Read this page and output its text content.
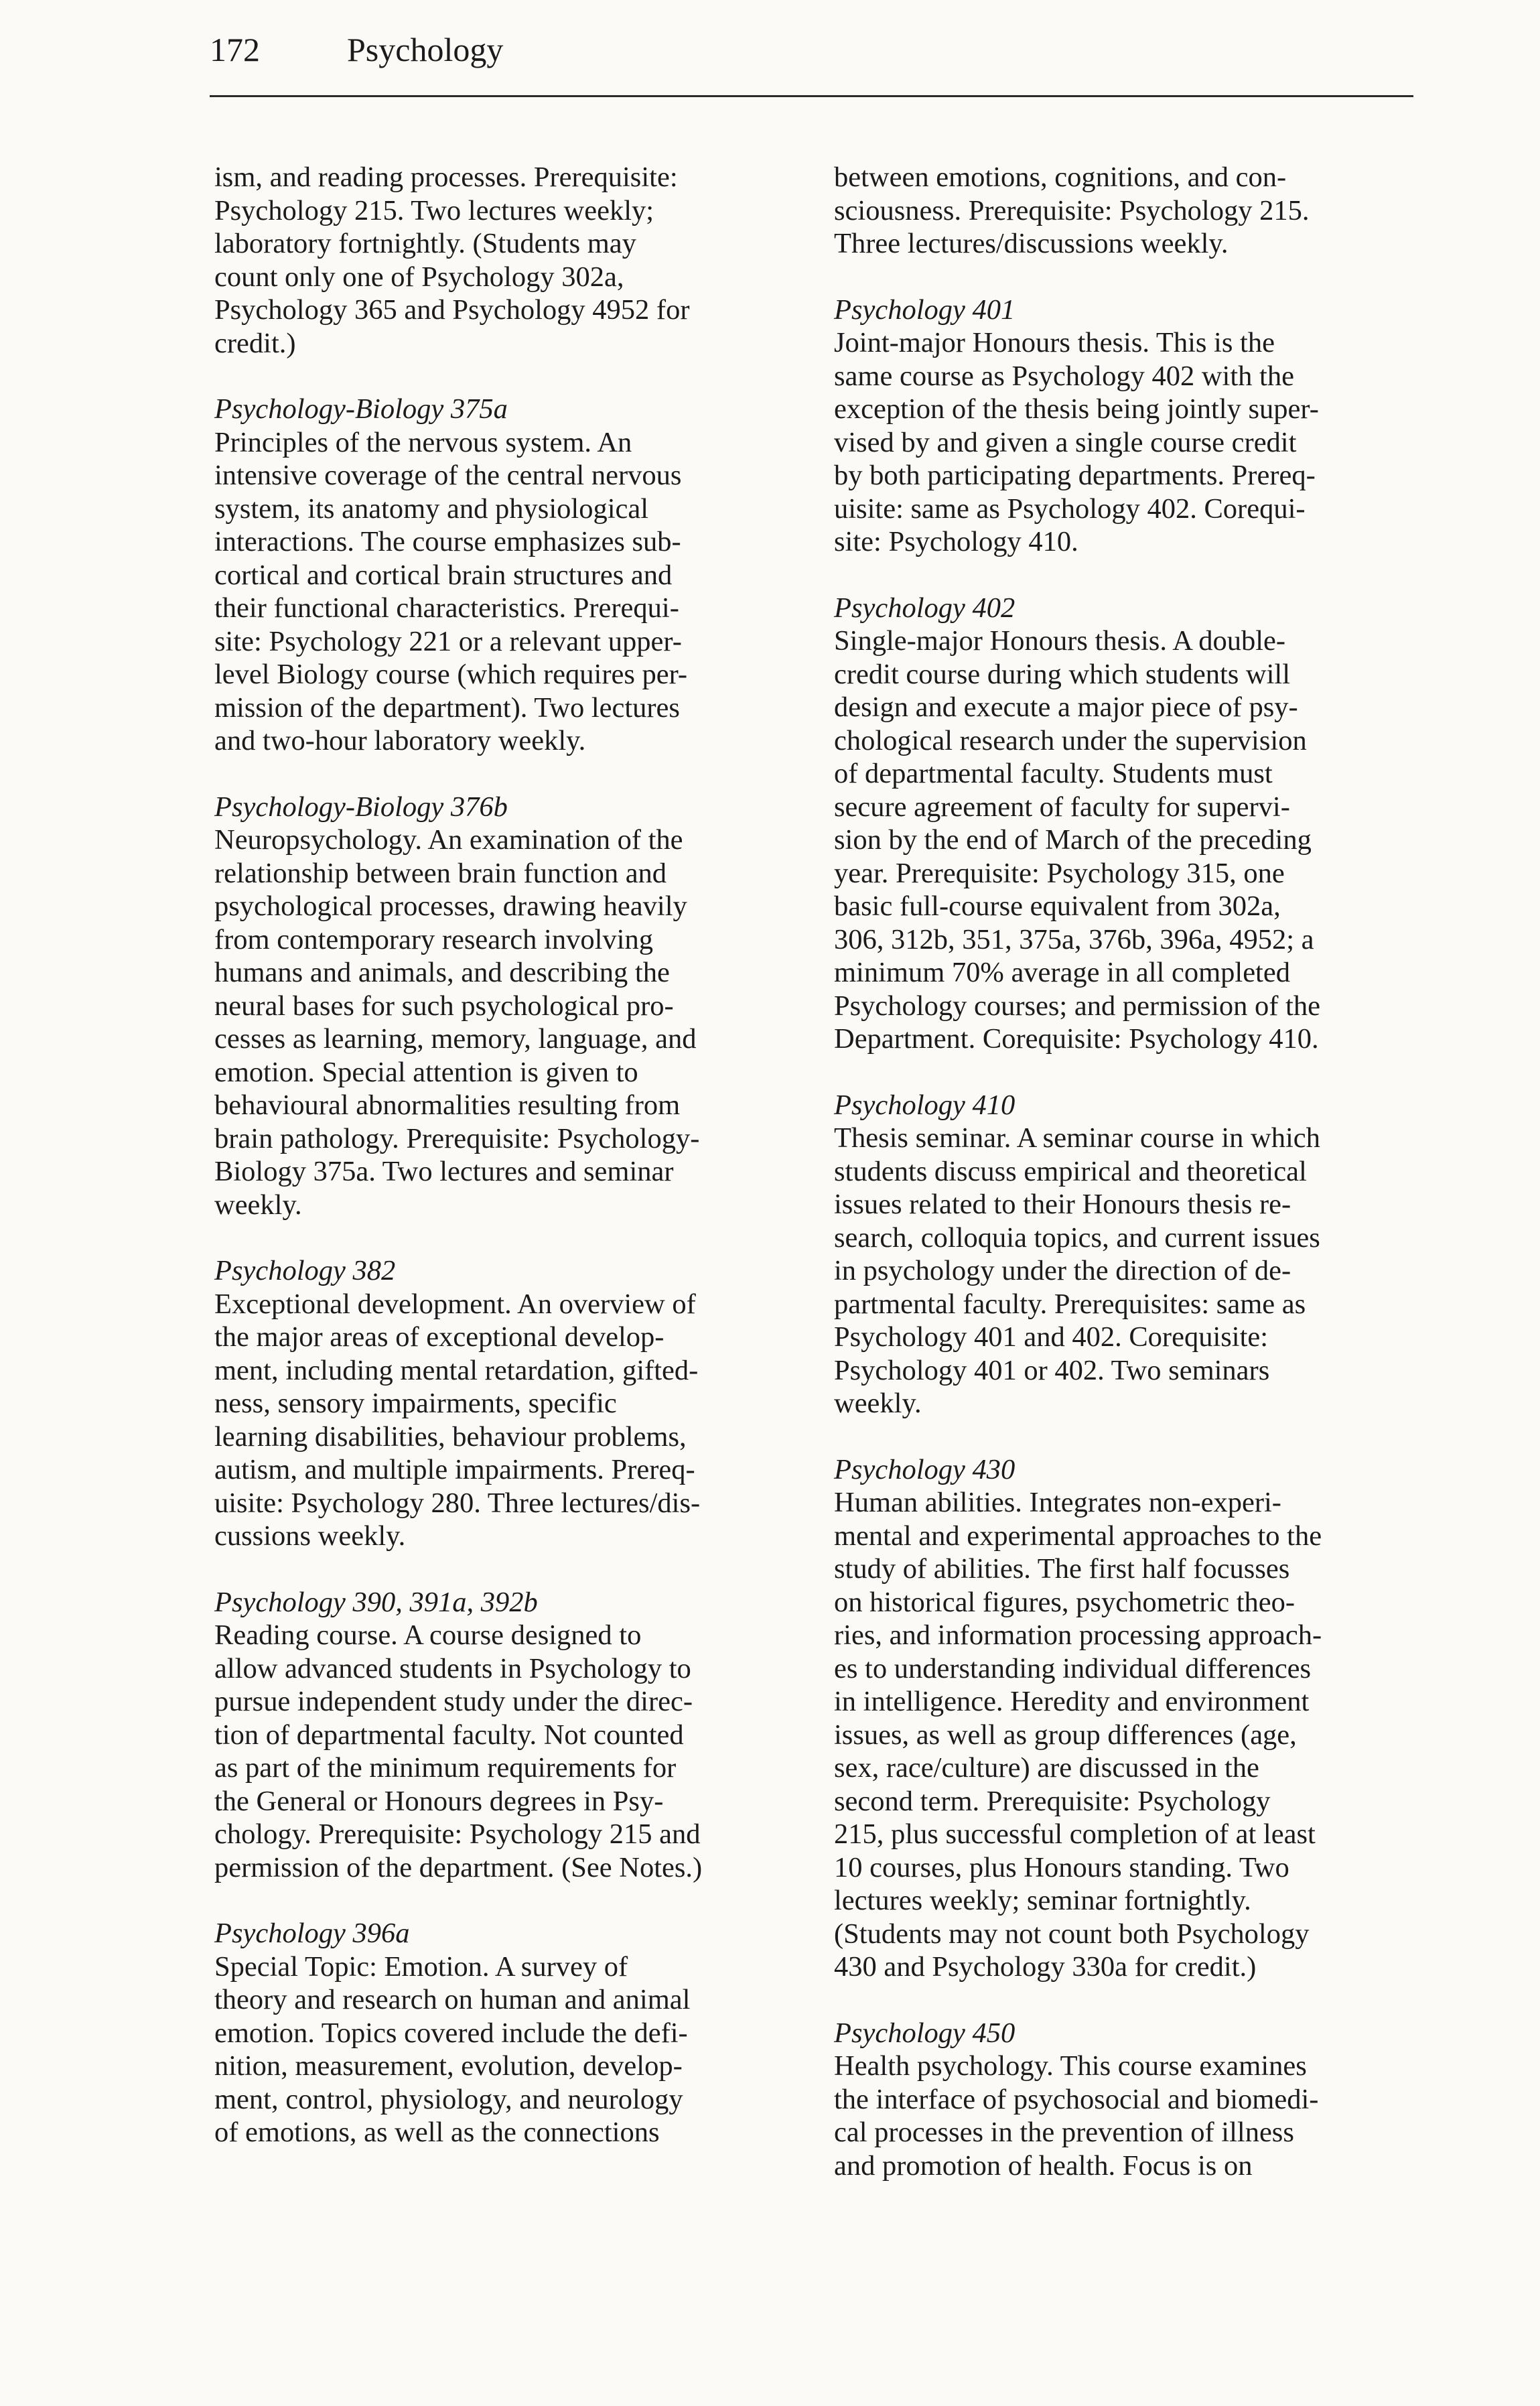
172	Psychology
ism, and reading processes. Prerequisite:
Psychology 215. Two lectures weekly;
laboratory fortnightly. (Students may
count only one of Psychology 302a,
Psychology 365 and Psychology 4952 for
credit.)
Psychology-Biology 375a
Principles of the nervous system. An
intensive coverage of the central nervous
system, its anatomy and physiological
interactions. The course emphasizes sub-
cortical and cortical brain structures and
their functional characteristics. Prerequi-
site: Psychology 221 or a relevant upper-
level Biology course (which requires per-
mission of the department). Two lectures
and two-hour laboratory weekly.
Psychology-Biology 376b
Neuropsychology. An examination of the
relationship between brain function and
psychological processes, drawing heavily
from contemporary research involving
humans and animals, and describing the
neural bases for such psychological pro-
cesses as learning, memory, language, and
emotion. Special attention is given to
behavioural abnormalities resulting from
brain pathology. Prerequisite: Psychology-
Biology 375a. Two lectures and seminar
weekly.
Psychology 382
Exceptional development. An overview of
the major areas of exceptional develop-
ment, including mental retardation, gifted-
ness, sensory impairments, specific
learning disabilities, behaviour problems,
autism, and multiple impairments. Prereq-
uisite: Psychology 280. Three lectures/dis-
cussions weekly.
Psychology 390, 391a, 392b
Reading course. A course designed to
allow advanced students in Psychology to
pursue independent study under the direc-
tion of departmental faculty. Not counted
as part of the minimum requirements for
the General or Honours degrees in Psy-
chology. Prerequisite: Psychology 215 and
permission of the department. (See Notes.)
Psychology 396a
Special Topic: Emotion. A survey of
theory and research on human and animal
emotion. Topics covered include the defi-
nition, measurement, evolution, develop-
ment, control, physiology, and neurology
of emotions, as well as the connections
between emotions, cognitions, and con-
sciousness. Prerequisite: Psychology 215.
Three lectures/discussions weekly.
Psychology 401
Joint-major Honours thesis. This is the
same course as Psychology 402 with the
exception of the thesis being jointly super-
vised by and given a single course credit
by both participating departments. Prereq-
uisite: same as Psychology 402. Corequi-
site: Psychology 410.
Psychology 402
Single-major Honours thesis. A double-
credit course during which students will
design and execute a major piece of psy-
chological research under the supervision
of departmental faculty. Students must
secure agreement of faculty for supervi-
sion by the end of March of the preceding
year. Prerequisite: Psychology 315, one
basic full-course equivalent from 302a,
306, 312b, 351, 375a, 376b, 396a, 4952; a
minimum 70% average in all completed
Psychology courses; and permission of the
Department. Corequisite: Psychology 410.
Psychology 410
Thesis seminar. A seminar course in which
students discuss empirical and theoretical
issues related to their Honours thesis re-
search, colloquia topics, and current issues
in psychology under the direction of de-
partmental faculty. Prerequisites: same as
Psychology 401 and 402. Corequisite:
Psychology 401 or 402. Two seminars
weekly.
Psychology 430
Human abilities. Integrates non-experi-
mental and experimental approaches to the
study of abilities. The first half focusses
on historical figures, psychometric theo-
ries, and information processing approach-
es to understanding individual differences
in intelligence. Heredity and environment
issues, as well as group differences (age,
sex, race/culture) are discussed in the
second term. Prerequisite: Psychology
215, plus successful completion of at least
10 courses, plus Honours standing. Two
lectures weekly; seminar fortnightly.
(Students may not count both Psychology
430 and Psychology 330a for credit.)
Psychology 450
Health psychology. This course examines
the interface of psychosocial and biomedi-
cal processes in the prevention of illness
and promotion of health. Focus is on
